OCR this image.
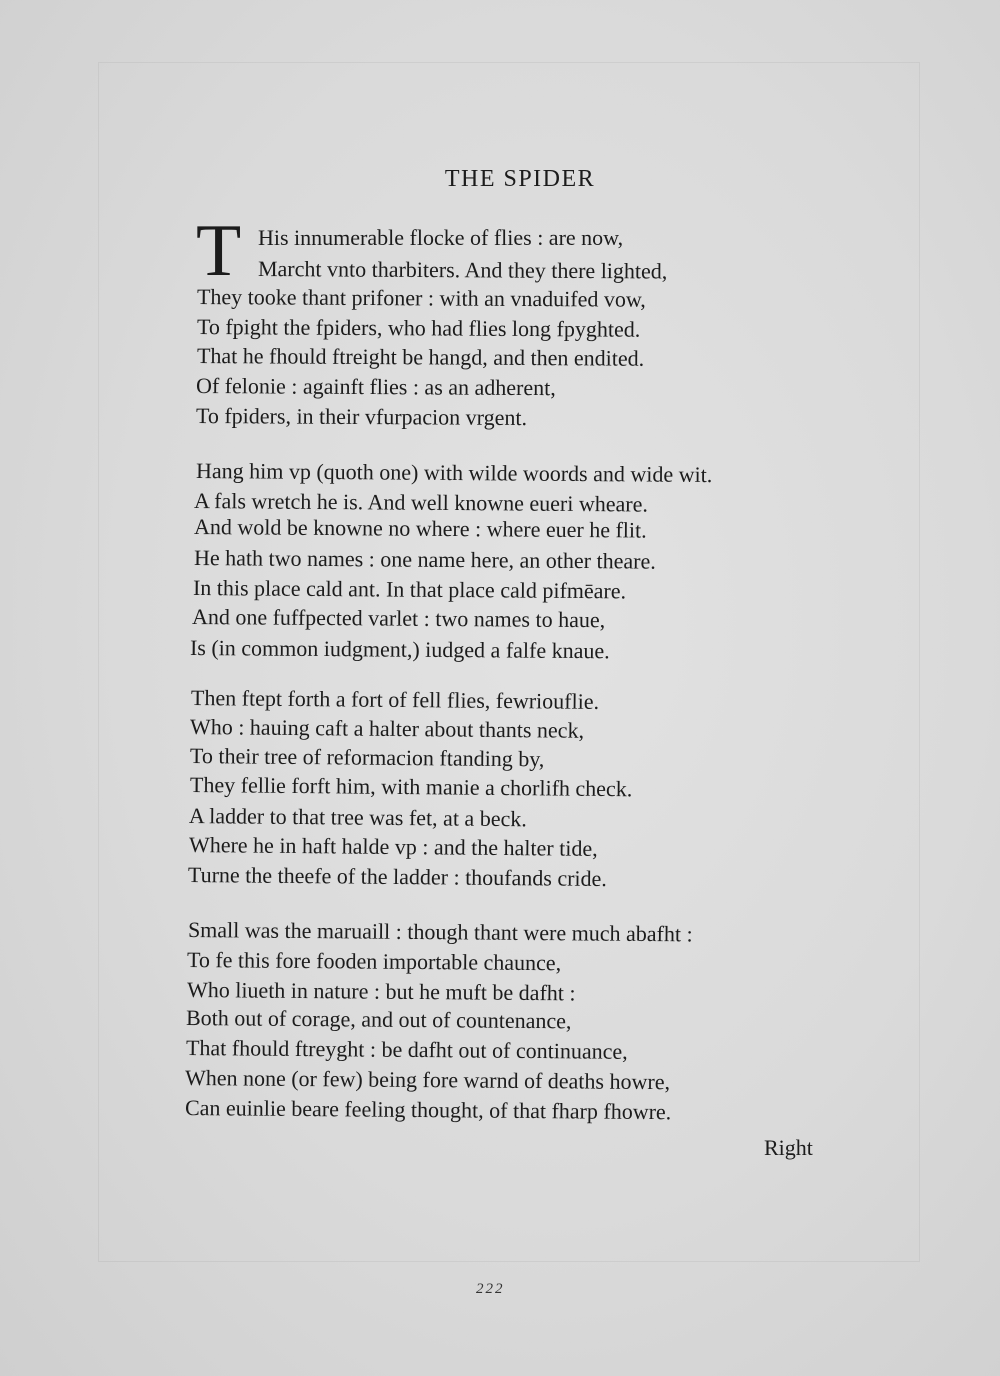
THE SPIDER
T His innumerable flocke of flies : are now,
Marcht vnto tharbiters. And they there lighted,
They tooke thant prifoner : with an vnaduifed vow,
To fpight the fpiders, who had flies long fpyghted.
That he fhould ftreight be hangd, and then endited.
Of felonie : againft flies : as an adherent,
To fpiders, in their vfurpacion vrgent.
Hang him vp (quoth one) with wilde woords and wide wit.
A fals wretch he is. And well knowne eueri wheare.
And wold be knowne no where : where euer he flit.
He hath two names : one name here, an other theare.
In this place cald ant. In that place cald pifmēare.
And one fuffpected varlet : two names to haue,
Is (in common iudgment,) iudged a falfe knaue.
Then ftept forth a fort of fell flies, fewriouflie.
Who : hauing caft a halter about thants neck,
To their tree of reformacion ftanding by,
They fellie forft him, with manie a chorlifh check.
A ladder to that tree was fet, at a beck.
Where he in haft halde vp : and the halter tide,
Turne the theefe of the ladder : thoufands cride.
Small was the maruaill : though thant were much abafht :
To fe this fore fooden importable chaunce,
Who liueth in nature : but he muft be dafht :
Both out of corage, and out of countenance,
That fhould ftreyght : be dafht out of continuance,
When none (or few) being fore warnd of deaths howre,
Can euinlie beare feeling thought, of that fharp fhowre.
Right
222
